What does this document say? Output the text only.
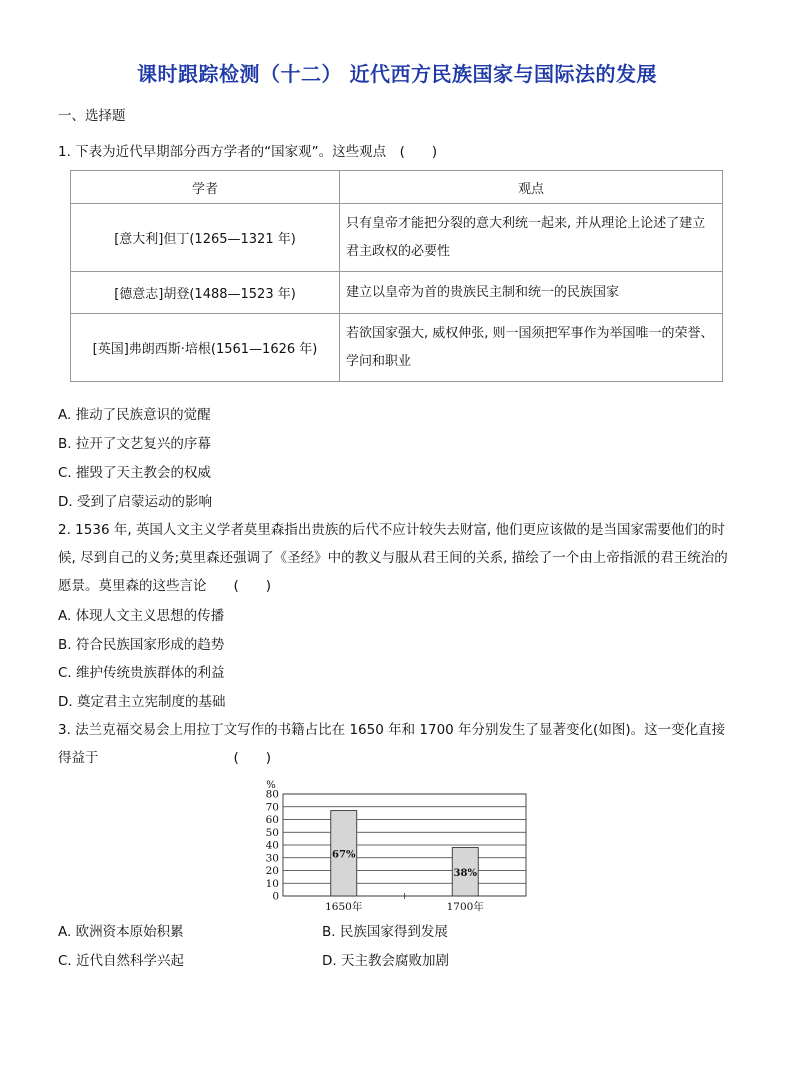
课时跟踪检测（十二） 近代西方民族国家与国际法的发展
一、选择题
1. 下表为近代早期部分西方学者的“国家观”。这些观点　(　　)
学者	观点
[意大利]但丁(1265—1321 年)	只有皇帝才能把分裂的意大利统一起来, 并从理论上论述了建立君主政权的必要性
[德意志]胡登(1488—1523 年)	建立以皇帝为首的贵族民主制和统一的民族国家
[英国]弗朗西斯·培根(1561—1626 年)	若欲国家强大, 威权伸张, 则一国须把军事作为举国唯一的荣誉、学问和职业
A. 推动了民族意识的觉醒
B. 拉开了文艺复兴的序幕
C. 摧毁了天主教会的权威
D. 受到了启蒙运动的影响
2. 1536 年, 英国人文主义学者莫里森指出贵族的后代不应计较失去财富, 他们更应该做的是当国家需要他们的时候, 尽到自己的义务;莫里森还强调了《圣经》中的教义与服从君王间的关系, 描绘了一个由上帝指派的君王统治的愿景。莫里森的这些言论　　(　　)
A. 体现人文主义思想的传播
B. 符合民族国家形成的趋势
C. 维护传统贵族群体的利益
D. 奠定君主立宪制度的基础
3. 法兰克福交易会上用拉丁文写作的书籍占比在 1650 年和 1700 年分别发生了显著变化(如图)。这一变化直接得益于　　　　　　　　　　(　　)
0
10
20
30
40
50
60
70
80
%
67%
1650年
38%
1700年
A. 欧洲资本原始积累	B. 民族国家得到发展
C. 近代自然科学兴起	D. 天主教会腐败加剧
